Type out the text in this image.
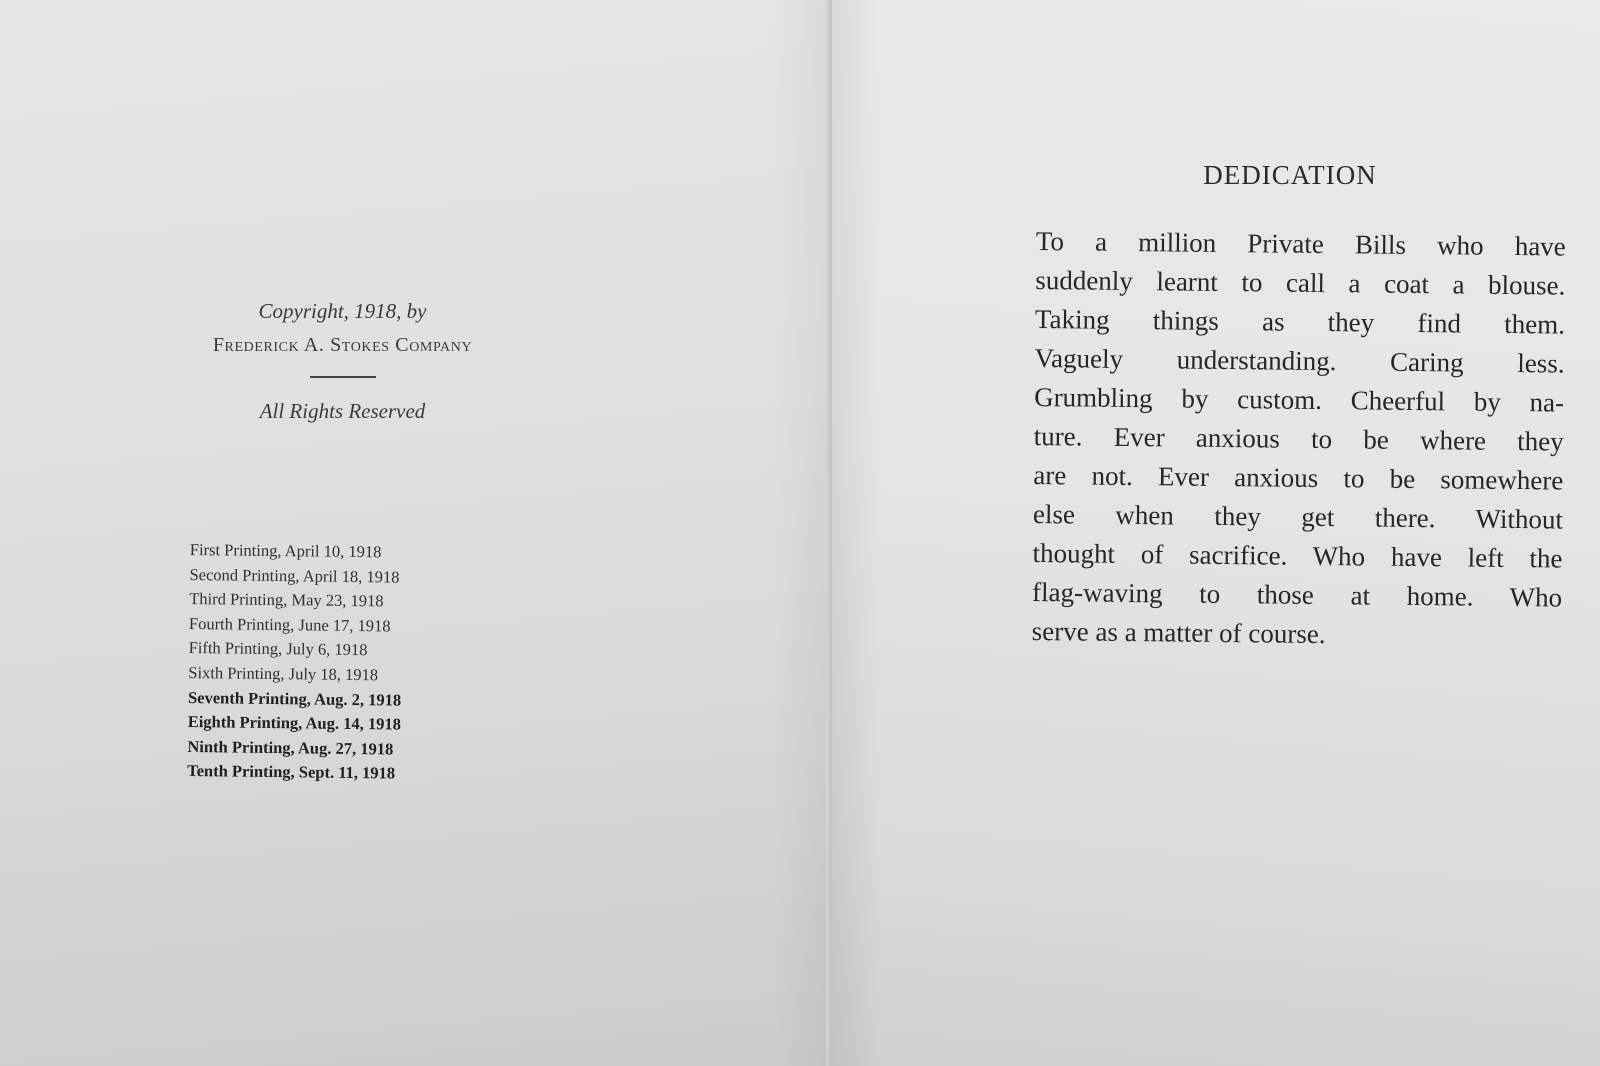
Copyright, 1918, by
Frederick A. Stokes Company
All Rights Reserved
First Printing, April 10, 1918
Second Printing, April 18, 1918
Third Printing, May 23, 1918
Fourth Printing, June 17, 1918
Fifth Printing, July 6, 1918
Sixth Printing, July 18, 1918
Seventh Printing, Aug. 2, 1918
Eighth Printing, Aug. 14, 1918
Ninth Printing, Aug. 27, 1918
Tenth Printing, Sept. 11, 1918
DEDICATION
To a million Private Bills who have
suddenly learnt to call a coat a blouse.
Taking things as they find them.
Vaguely understanding. Caring less.
Grumbling by custom. Cheerful by na-
ture. Ever anxious to be where they
are not. Ever anxious to be somewhere
else when they get there. Without
thought of sacrifice. Who have left the
flag-waving to those at home. Who
serve as a matter of course.
